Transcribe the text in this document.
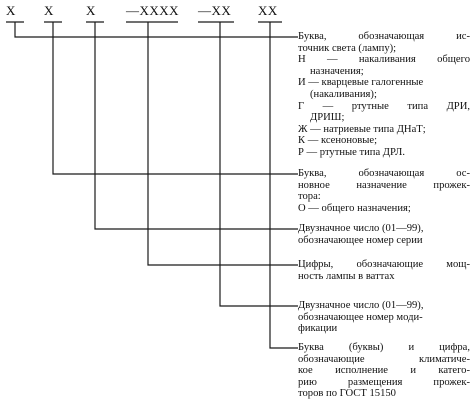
Х Х Х —ХХХХ —ХХ ХХ
Буква, обозначающая ис-
точник света (лампу);
Н — накаливания общего
назначения;
И — кварцевые галогенные
(накаливания);
Г — ртутные типа ДРИ,
ДРИШ;
Ж — натриевые типа ДНаТ;
К — ксеноновые;
Р — ртутные типа ДРЛ.
Буква, обозначающая ос-
новное назначение прожек-
тора:
О — общего назначения;
Двузначное число (01—99),
обозначающее номер серии
Цифры, обозначающие мощ-
ность лампы в ваттах
Двузначное число (01—99),
обозначающее номер моди-
фикации
Буква (буквы) и цифра,
обозначающие климатиче-
кое исполнение и катего-
рию размещения прожек-
торов по ГОСТ 15150
